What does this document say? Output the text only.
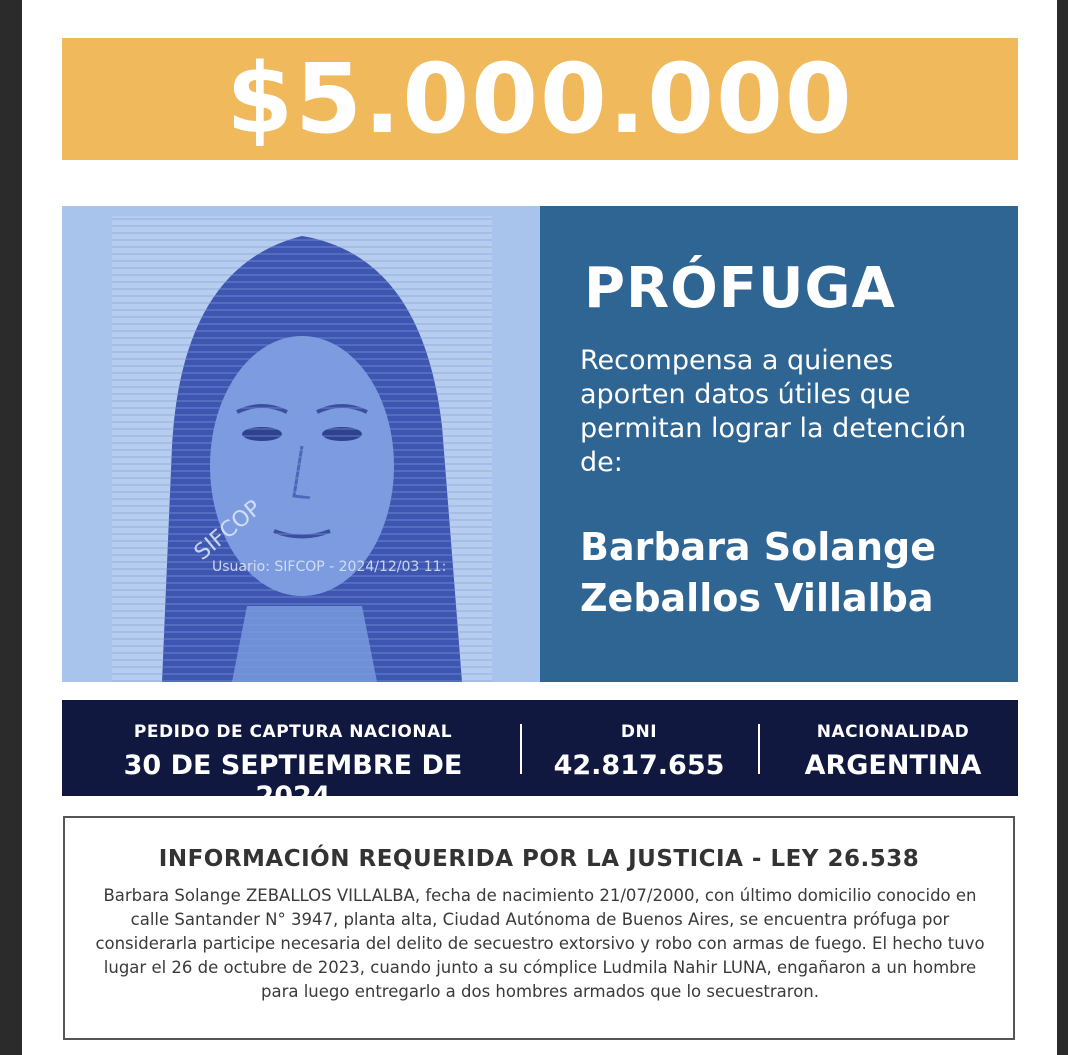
$5.000.000
SIFCOP
Usuario: SIFCOP - 2024/12/03 11:
PRÓFUGA
Recompensa a quienes aporten datos útiles que permitan lograr la detención de:
Barbara Solange
Zeballos Villalba
PEDIDO DE CAPTURA NACIONAL
30 DE SEPTIEMBRE DE 2024
DNI
42.817.655
NACIONALIDAD
ARGENTINA
INFORMACIÓN REQUERIDA POR LA JUSTICIA - LEY 26.538
Barbara Solange ZEBALLOS VILLALBA, fecha de nacimiento 21/07/2000, con último domicilio conocido en calle Santander N° 3947, planta alta, Ciudad Autónoma de Buenos Aires, se encuentra prófuga por considerarla participe necesaria del delito de secuestro extorsivo y robo con armas de fuego. El hecho tuvo lugar el 26 de octubre de 2023, cuando junto a su cómplice Ludmila Nahir LUNA, engañaron a un hombre para luego entregarlo a dos hombres armados que lo secuestraron.
